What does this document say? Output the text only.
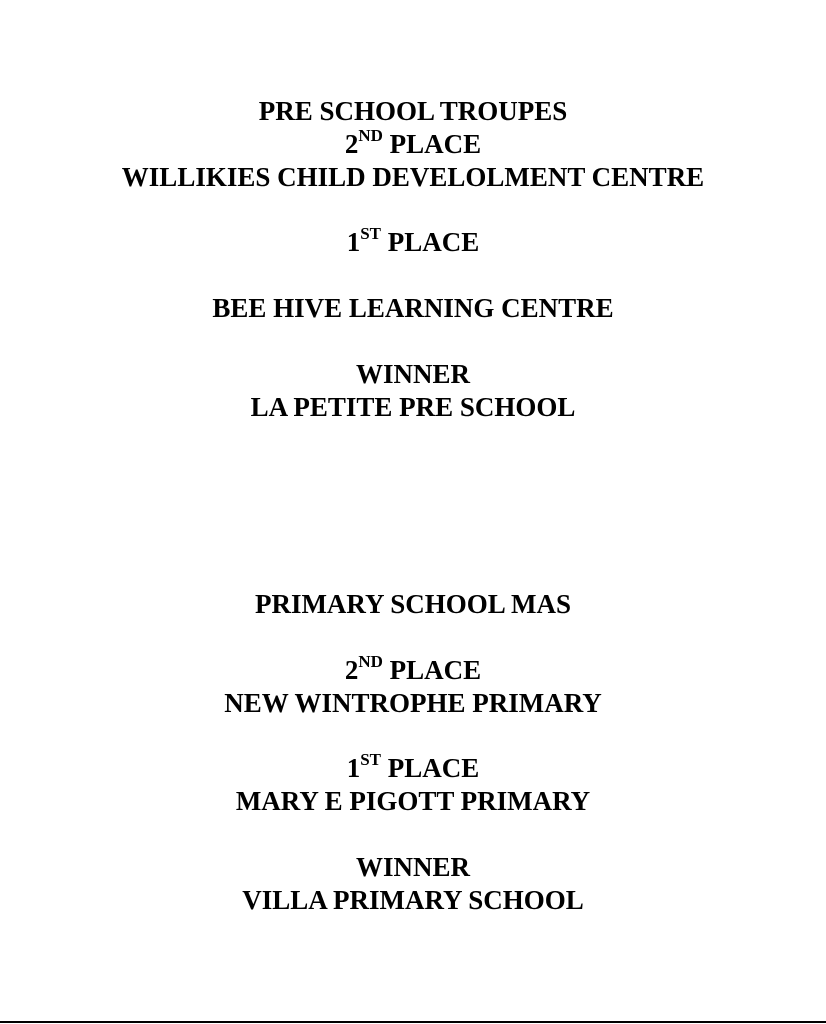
PRE SCHOOL TROUPES
2ND PLACE
WILLIKIES CHILD DEVELOLMENT CENTRE
1ST PLACE
BEE HIVE LEARNING CENTRE
WINNER
LA PETITE PRE SCHOOL
PRIMARY SCHOOL MAS
2ND PLACE
NEW WINTROPHE PRIMARY
1ST PLACE
MARY E PIGOTT PRIMARY
WINNER
VILLA PRIMARY SCHOOL
